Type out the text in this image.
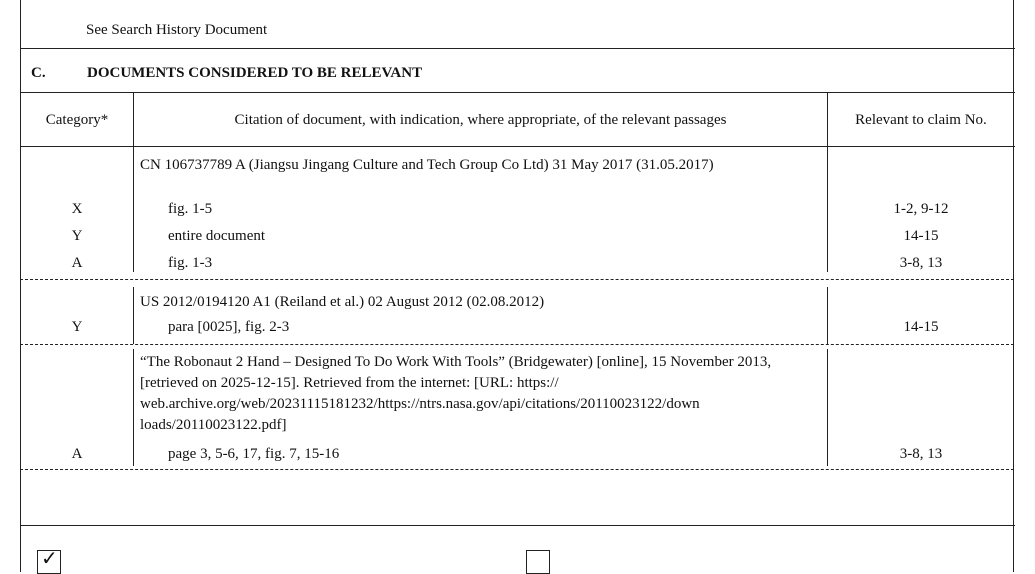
See Search History Document
C.	DOCUMENTS CONSIDERED TO BE RELEVANT
Category*	Citation of document, with indication, where appropriate, of the relevant passages	Relevant to claim No.
CN 106737789 A (Jiangsu Jingang Culture and Tech Group Co Ltd) 31 May 2017 (31.05.2017)
X	fig. 1-5	1-2, 9-12
Y	entire document	14-15
A	fig. 1-3	3-8, 13
US 2012/0194120 A1 (Reiland et al.) 02 August 2012 (02.08.2012)
Y	para [0025], fig. 2-3	14-15
“The Robonaut 2 Hand – Designed To Do Work With Tools” (Bridgewater) [online], 15 November 2013, [retrieved on 2025-12-15]. Retrieved from the internet: [URL: https:// web.archive.org/web/20231115181232/https://ntrs.nasa.gov/api/citations/20110023122/down loads/20110023122.pdf]
A	page 3, 5-6, 17, fig. 7, 15-16	3-8, 13
✓
